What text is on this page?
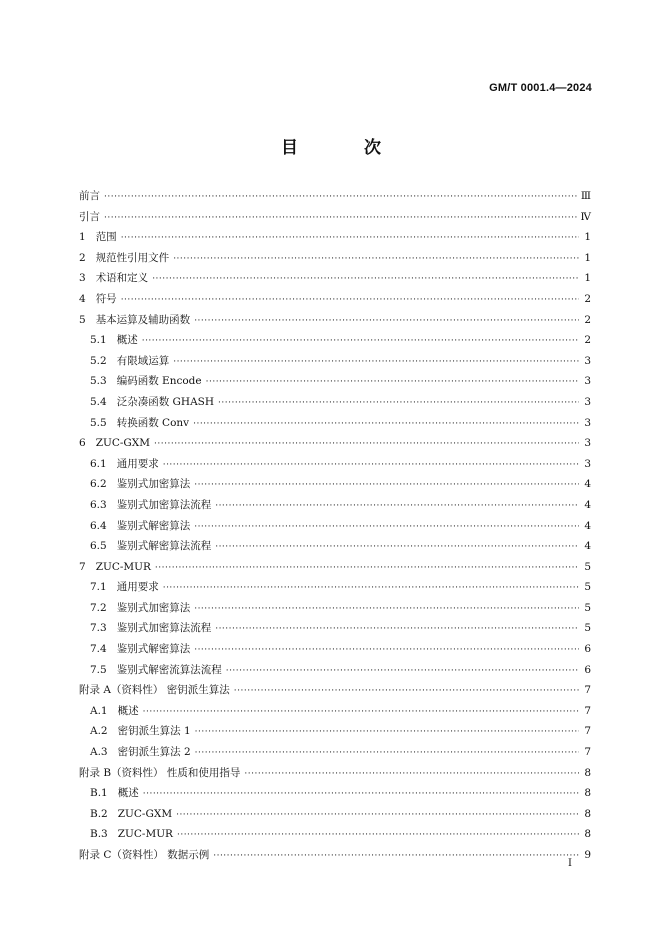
GM/T 0001.4—2024
目 次
前言 ·····	Ⅲ
引言 ·····	Ⅳ
1 范围 ·····	1
2 规范性引用文件 ·····	1
3 术语和定义 ·····	1
4 符号 ·····	2
5 基本运算及辅助函数 ·····	2
5.1 概述 ·····	2
5.2 有限域运算 ·····	3
5.3 编码函数 Encode ·····	3
5.4 泛杂凑函数 GHASH ·····	3
5.5 转换函数 Conv ·····	3
6 ZUC-GXM ·····	3
6.1 通用要求 ·····	3
6.2 鉴别式加密算法 ·····	4
6.3 鉴别式加密算法流程 ·····	4
6.4 鉴别式解密算法 ·····	4
6.5 鉴别式解密算法流程 ·····	4
7 ZUC-MUR ·····	5
7.1 通用要求 ·····	5
7.2 鉴别式加密算法 ·····	5
7.3 鉴别式加密算法流程 ·····	5
7.4 鉴别式解密算法 ·····	6
7.5 鉴别式解密流算法流程 ·····	6
附录 A（资料性） 密钥派生算法 ·····	7
A.1 概述 ·····	7
A.2 密钥派生算法 1 ·····	7
A.3 密钥派生算法 2 ·····	7
附录 B（资料性） 性质和使用指导 ·····	8
B.1 概述 ·····	8
B.2 ZUC-GXM ·····	8
B.3 ZUC-MUR ·····	8
附录 C（资料性） 数据示例 ·····	9
Ⅰ
